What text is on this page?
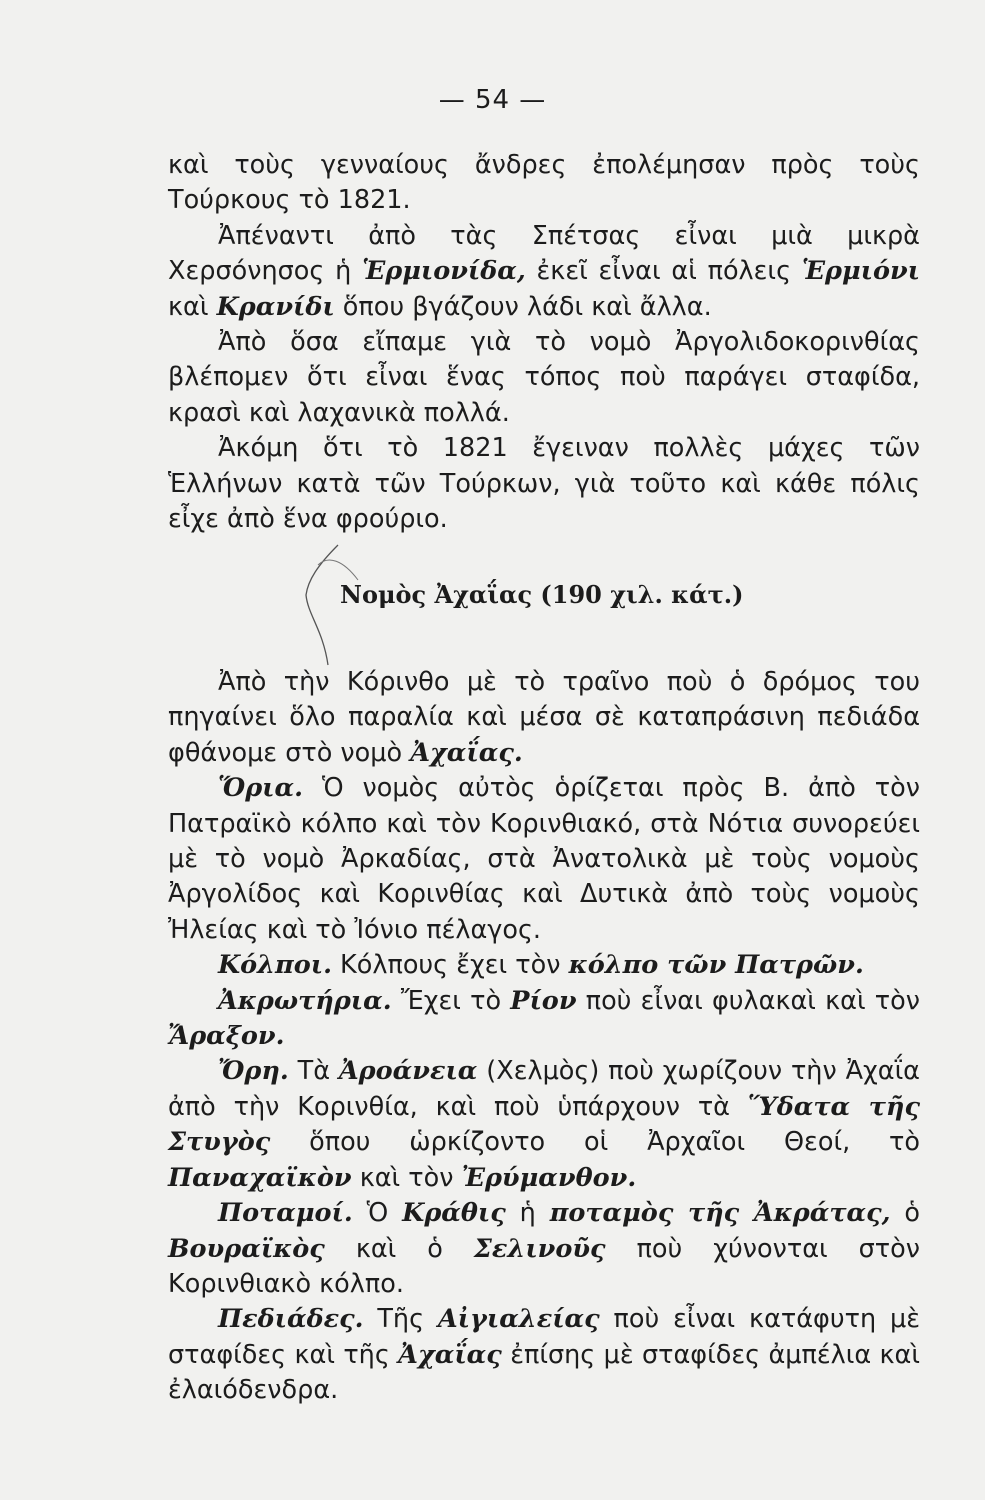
— 54 —

καὶ τοὺς γενναίους ἄνδρες ἐπολέμησαν πρὸς τοὺς Τούρκους τὸ 1821.

Ἀπέναντι ἀπὸ τὰς Σπέτσας εἶναι μιὰ μικρὰ Χερσόνησος ἡ Ἑρμιονίδα, ἐκεῖ εἶναι αἱ πόλεις Ἑρμιόνι καὶ Κρανίδι ὅπου βγάζουν λάδι καὶ ἄλλα.

Ἀπὸ ὅσα εἴπαμε γιὰ τὸ νομὸ Ἀργολιδοκορινθίας βλέπομεν ὅτι εἶναι ἕνας τόπος ποὺ παράγει σταφίδα, κρασὶ καὶ λαχανικὰ πολλά.

Ἀκόμη ὅτι τὸ 1821 ἔγειναν πολλὲς μάχες τῶν Ἑλλήνων κατὰ τῶν Τούρκων, γιὰ τοῦτο καὶ κάθε πόλις εἶχε ἀπὸ ἕνα φρούριο.

Νομὸς Ἀχαΐας (190 χιλ. κάτ.)

Ἀπὸ τὴν Κόρινθο μὲ τὸ τραῖνο ποὺ ὁ δρόμος του πηγαίνει ὅλο παραλία καὶ μέσα σὲ καταπράσινη πεδιάδα φθάνομε στὸ νομὸ Ἀχαΐας.

Ὅρια. Ὁ νομὸς αὐτὸς ὁρίζεται πρὸς Β. ἀπὸ τὸν Πατραϊκὸ κόλπο καὶ τὸν Κορινθιακό, στὰ Νότια συνορεύει μὲ τὸ νομὸ Ἀρκαδίας, στὰ Ἀνατολικὰ μὲ τοὺς νομοὺς Ἀργολίδος καὶ Κορινθίας καὶ Δυτικὰ ἀπὸ τοὺς νομοὺς Ἠλείας καὶ τὸ Ἰόνιο πέλαγος.

Κόλποι. Κόλπους ἔχει τὸν κόλπο τῶν Πατρῶν.

Ἀκρωτήρια. Ἔχει τὸ Ρίον ποὺ εἶναι φυλακαὶ καὶ τὸν Ἄραξον.

Ὄρη. Τὰ Ἀροάνεια (Χελμὸς) ποὺ χωρίζουν τὴν Ἀχαΐα ἀπὸ τὴν Κορινθία, καὶ ποὺ ὑπάρχουν τὰ Ὕδατα τῆς Στυγὸς ὅπου ὡρκίζοντο οἱ Ἀρχαῖοι Θεοί, τὸ Παναχαϊκὸν καὶ τὸν Ἐρύμανθον.

Ποταμοί. Ὁ Κράθις ἡ ποταμὸς τῆς Ἀκράτας, ὁ Βουραϊκὸς καὶ ὁ Σελινοῦς ποὺ χύνονται στὸν Κορινθιακὸ κόλπο.

Πεδιάδες. Τῆς Αἰγιαλείας ποὺ εἶναι κατάφυτη μὲ σταφίδες καὶ τῆς Ἀχαΐας ἐπίσης μὲ σταφίδες ἀμπέλια καὶ ἐλαιόδενδρα.
